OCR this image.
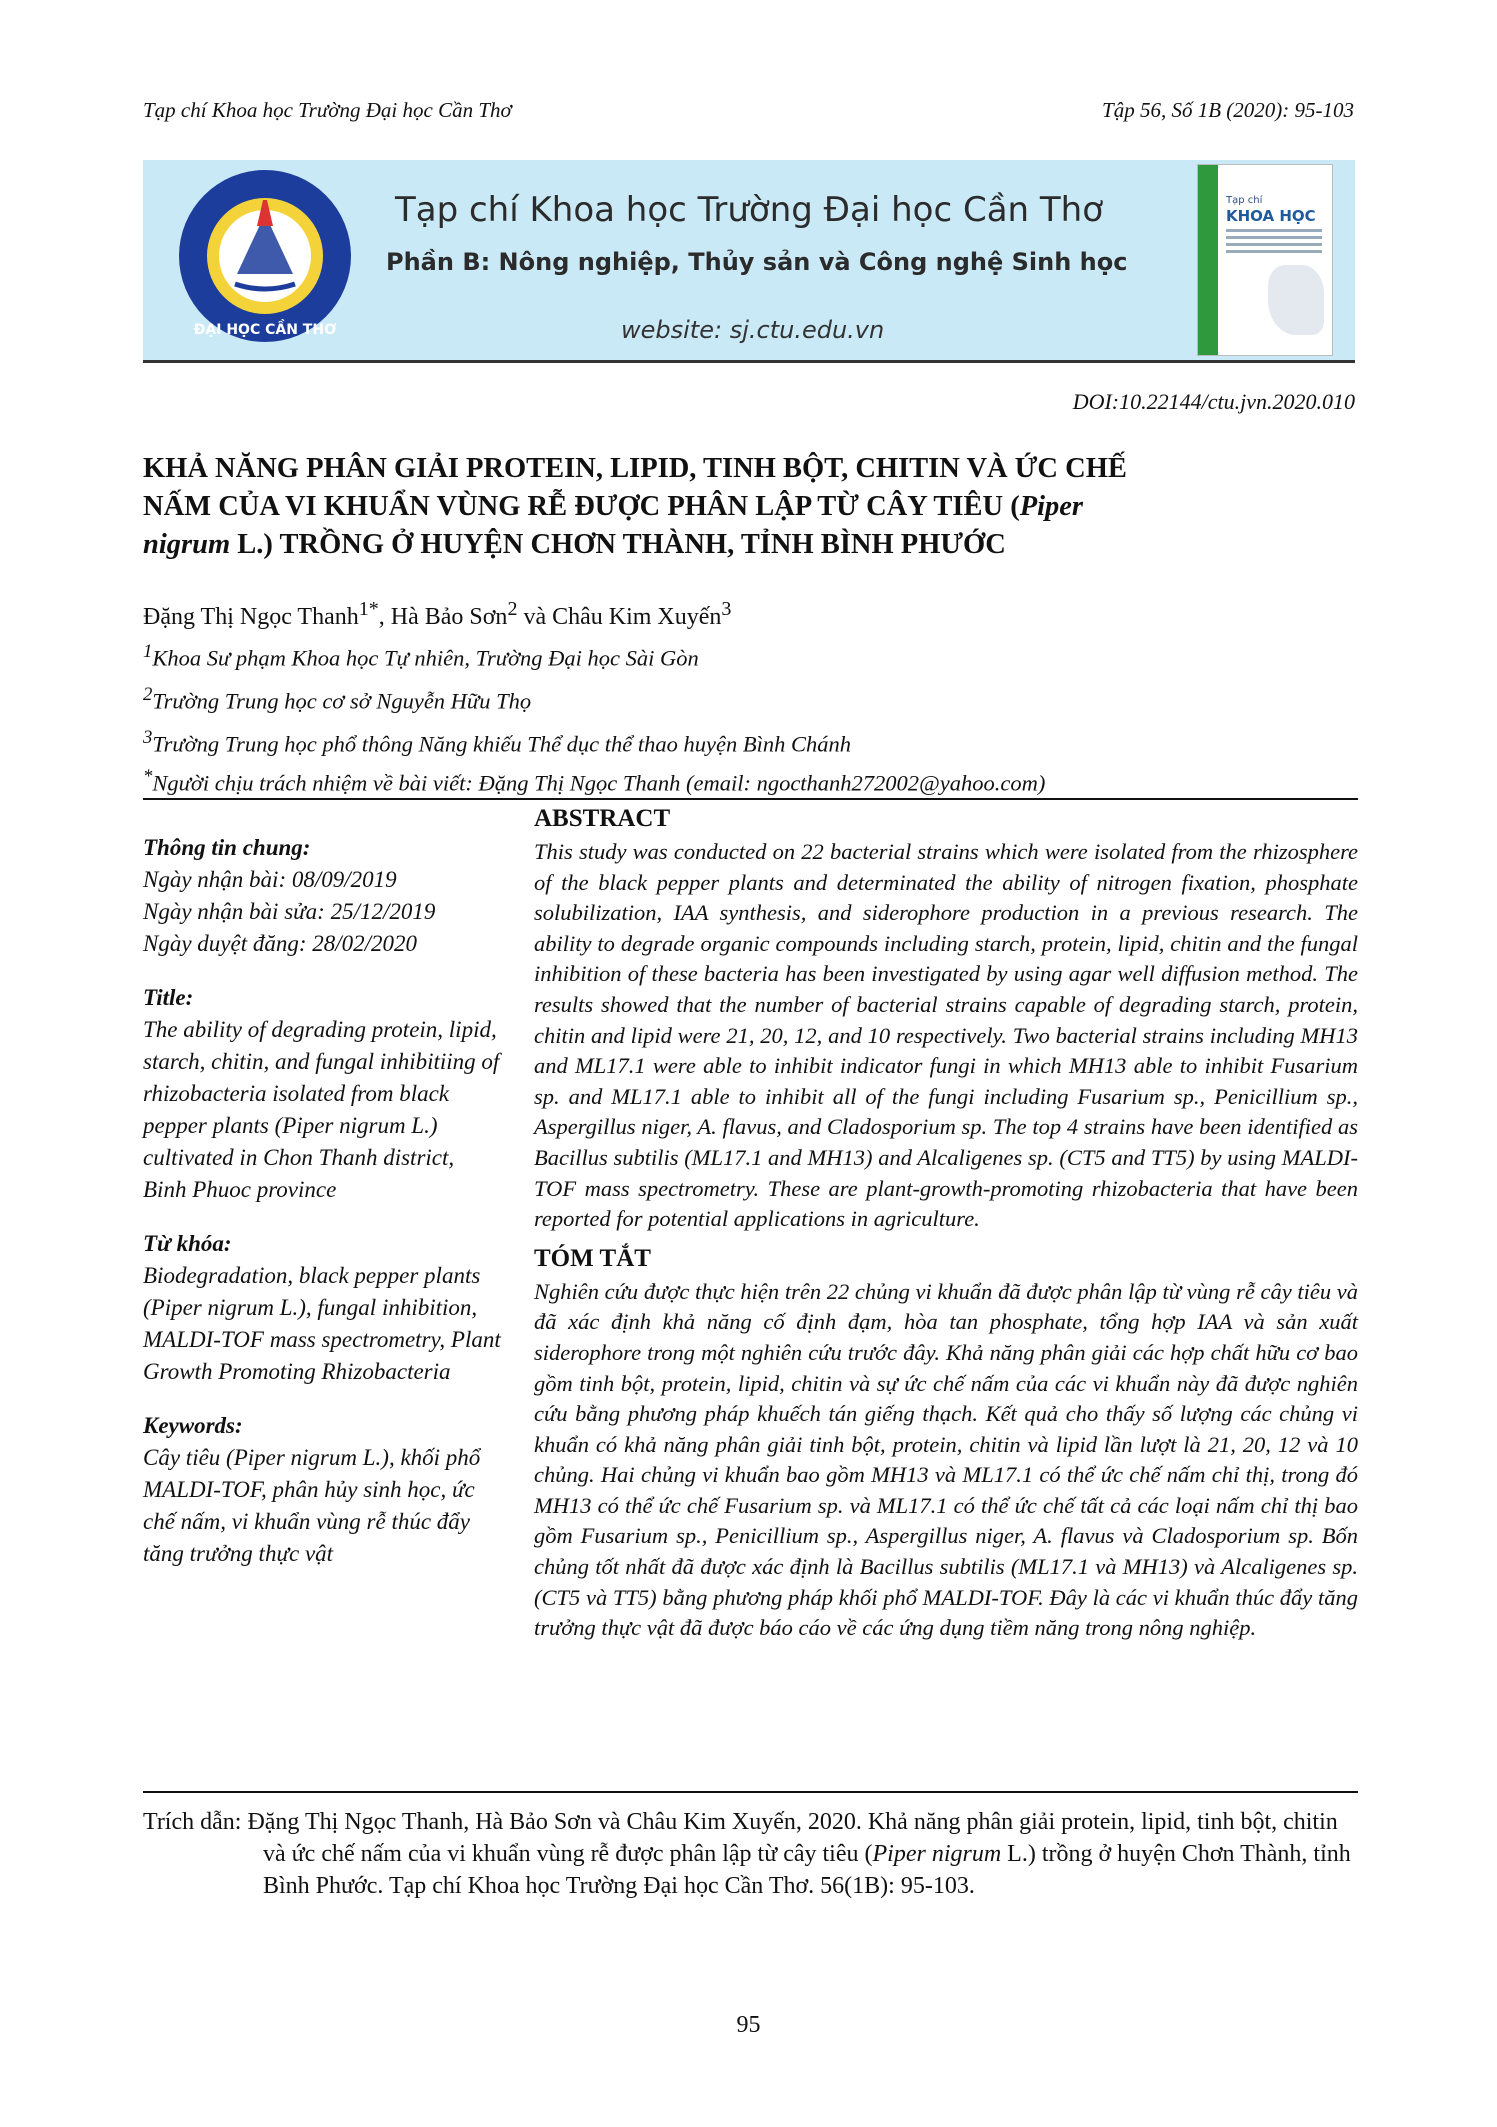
Tạp chí Khoa học Trường Đại học Cần Thơ	Tập 56, Số 1B (2020): 95-103
ĐẠI HỌC CẦN THƠ
Tạp chí Khoa học Trường Đại học Cần Thơ
Phần B: Nông nghiệp, Thủy sản và Công nghệ Sinh học
website: sj.ctu.edu.vn
Tạp chí
KHOA HỌC
DOI:10.22144/ctu.jvn.2020.010
KHẢ NĂNG PHÂN GIẢI PROTEIN, LIPID, TINH BỘT, CHITIN VÀ ỨC CHẾ
NẤM CỦA VI KHUẨN VÙNG RỄ ĐƯỢC PHÂN LẬP TỪ CÂY TIÊU (Piper
nigrum L.) TRỒNG Ở HUYỆN CHƠN THÀNH, TỈNH BÌNH PHƯỚC
Đặng Thị Ngọc Thanh$^{1*}$, Hà Bảo Sơn$^2$ và Châu Kim Xuyến$^3$
$^1$Khoa Sư phạm Khoa học Tự nhiên, Trường Đại học Sài Gòn
$^2$Trường Trung học cơ sở Nguyễn Hữu Thọ
$^3$Trường Trung học phổ thông Năng khiếu Thể dục thể thao huyện Bình Chánh
*Người chịu trách nhiệm về bài viết: Đặng Thị Ngọc Thanh (email: ngocthanh272002@yahoo.com)
Thông tin chung:
Ngày nhận bài: 08/09/2019
Ngày nhận bài sửa: 25/12/2019
Ngày duyệt đăng: 28/02/2020
Title:
The ability of degrading protein, lipid, starch, chitin, and fungal inhibitiing of rhizobacteria isolated from black pepper plants (Piper nigrum L.) cultivated in Chon Thanh district, Binh Phuoc province
Từ khóa:
Biodegradation, black pepper plants (Piper nigrum L.), fungal inhibition, MALDI-TOF mass spectrometry, Plant Growth Promoting Rhizobacteria
Keywords:
Cây tiêu (Piper nigrum L.), khối phổ MALDI-TOF, phân hủy sinh học, ức chế nấm, vi khuẩn vùng rễ thúc đẩy tăng trưởng thực vật
ABSTRACT

This study was conducted on 22 bacterial strains which were isolated from the rhizosphere of the black pepper plants and determinated the ability of nitrogen fixation, phosphate solubilization, IAA synthesis, and siderophore production in a previous research. The ability to degrade organic compounds including starch, protein, lipid, chitin and the fungal inhibition of these bacteria has been investigated by using agar well diffusion method. The results showed that the number of bacterial strains capable of degrading starch, protein, chitin and lipid were 21, 20, 12, and 10 respectively. Two bacterial strains including MH13 and ML17.1 were able to inhibit indicator fungi in which MH13 able to inhibit Fusarium sp. and ML17.1 able to inhibit all of the fungi including Fusarium sp., Penicillium sp., Aspergillus niger, A. flavus, and Cladosporium sp. The top 4 strains have been identified as Bacillus subtilis (ML17.1 and MH13) and Alcaligenes sp. (CT5 and TT5) by using MALDI-TOF mass spectrometry. These are plant-growth-promoting rhizobacteria that have been reported for potential applications in agriculture.

TÓM TẮT

Nghiên cứu được thực hiện trên 22 chủng vi khuẩn đã được phân lập từ vùng rễ cây tiêu và đã xác định khả năng cố định đạm, hòa tan phosphate, tổng hợp IAA và sản xuất siderophore trong một nghiên cứu trước đây. Khả năng phân giải các hợp chất hữu cơ bao gồm tinh bột, protein, lipid, chitin và sự ức chế nấm của các vi khuẩn này đã được nghiên cứu bằng phương pháp khuếch tán giếng thạch. Kết quả cho thấy số lượng các chủng vi khuẩn có khả năng phân giải tinh bột, protein, chitin và lipid lần lượt là 21, 20, 12 và 10 chủng. Hai chủng vi khuẩn bao gồm MH13 và ML17.1 có thể ức chế nấm chỉ thị, trong đó MH13 có thể ức chế Fusarium sp. và ML17.1 có thể ức chế tất cả các loại nấm chỉ thị bao gồm Fusarium sp., Penicillium sp., Aspergillus niger, A. flavus và Cladosporium sp. Bốn chủng tốt nhất đã được xác định là Bacillus subtilis (ML17.1 và MH13) và Alcaligenes sp. (CT5 và TT5) bằng phương pháp khối phổ MALDI-TOF. Đây là các vi khuẩn thúc đẩy tăng trưởng thực vật đã được báo cáo về các ứng dụng tiềm năng trong nông nghiệp.

Trích dẫn: Đặng Thị Ngọc Thanh, Hà Bảo Sơn và Châu Kim Xuyến, 2020. Khả năng phân giải protein, lipid, tinh bột, chitin và ức chế nấm của vi khuẩn vùng rễ được phân lập từ cây tiêu (Piper nigrum L.) trồng ở huyện Chơn Thành, tỉnh Bình Phước. Tạp chí Khoa học Trường Đại học Cần Thơ. 56(1B): 95-103.
95
